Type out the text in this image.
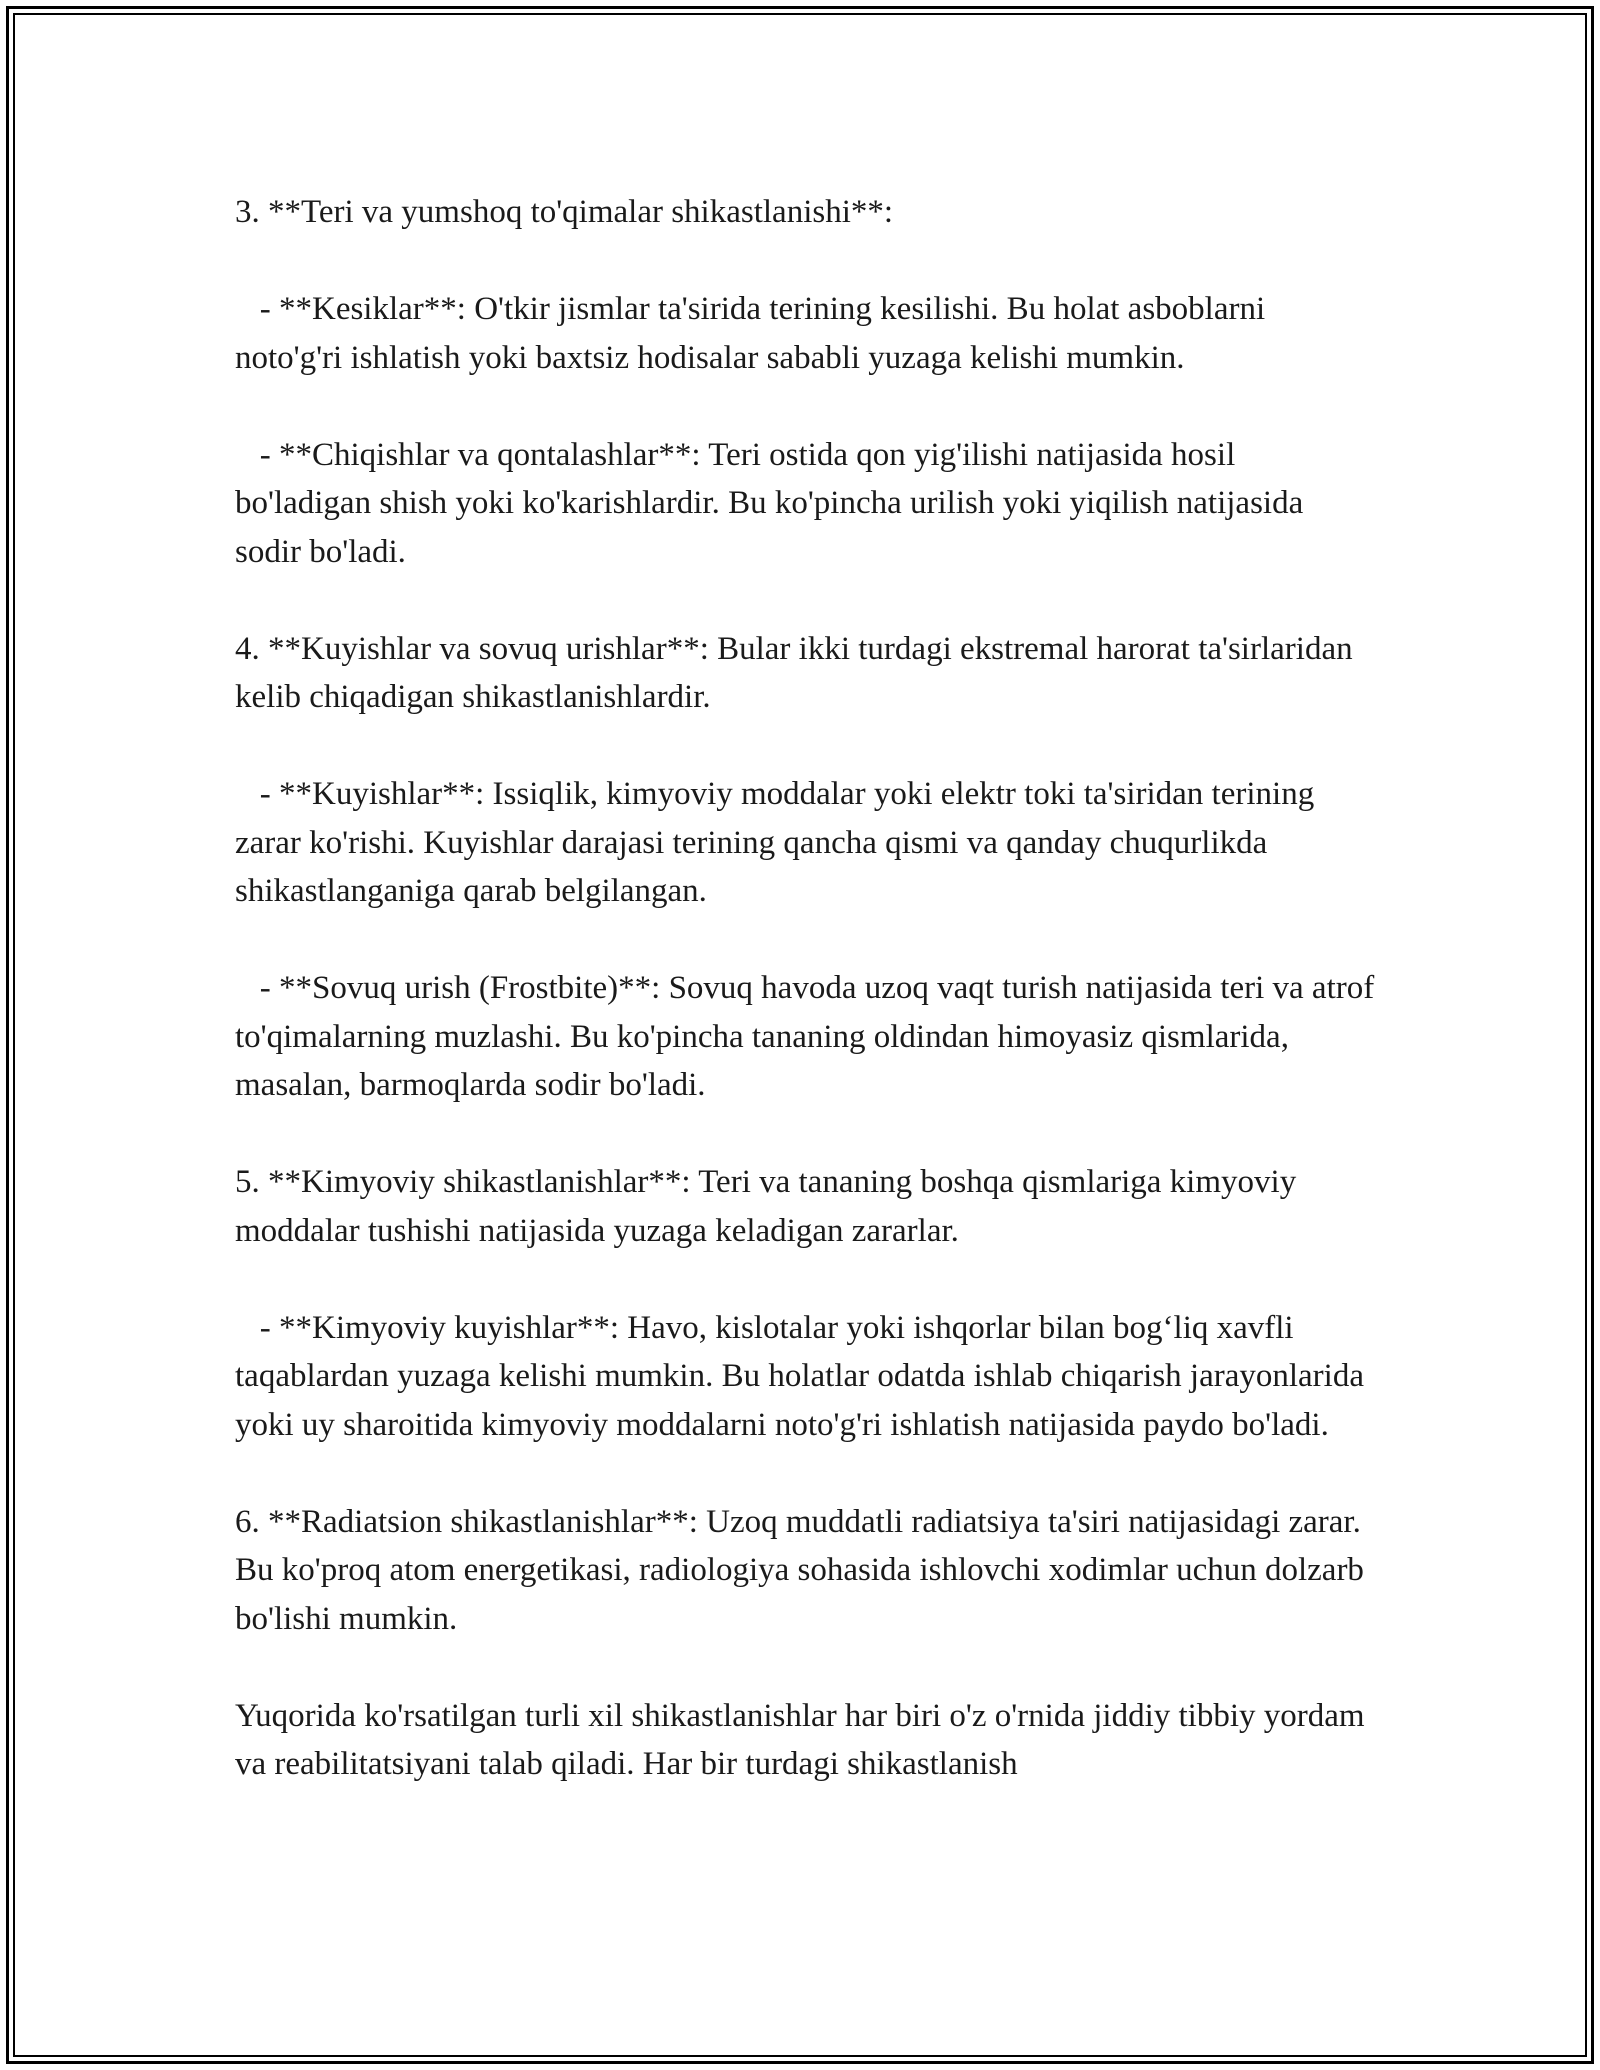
3. **Teri va yumshoq to'qimalar shikastlanishi**:

- **Kesiklar**: O'tkir jismlar ta'sirida terining kesilishi. Bu holat asboblarni noto'g'ri ishlatish yoki baxtsiz hodisalar sababli yuzaga kelishi mumkin.

- **Chiqishlar va qontalashlar**: Teri ostida qon yig'ilishi natijasida hosil bo'ladigan shish yoki ko'karishlardir. Bu ko'pincha urilish yoki yiqilish natijasida sodir bo'ladi.

4. **Kuyishlar va sovuq urishlar**: Bular ikki turdagi ekstremal harorat ta'sirlaridan kelib chiqadigan shikastlanishlardir.

- **Kuyishlar**: Issiqlik, kimyoviy moddalar yoki elektr toki ta'siridan terining zarar ko'rishi. Kuyishlar darajasi terining qancha qismi va qanday chuqurlikda shikastlanganiga qarab belgilangan.

- **Sovuq urish (Frostbite)**: Sovuq havoda uzoq vaqt turish natijasida teri va atrof to'qimalarning muzlashi. Bu ko'pincha tananing oldindan himoyasiz qismlarida, masalan, barmoqlarda sodir bo'ladi.

5. **Kimyoviy shikastlanishlar**: Teri va tananing boshqa qismlariga kimyoviy moddalar tushishi natijasida yuzaga keladigan zararlar.

- **Kimyoviy kuyishlar**: Havo, kislotalar yoki ishqorlar bilan bog‘liq xavfli taqablardan yuzaga kelishi mumkin. Bu holatlar odatda ishlab chiqarish jarayonlarida yoki uy sharoitida kimyoviy moddalarni noto'g'ri ishlatish natijasida paydo bo'ladi.

6. **Radiatsion shikastlanishlar**: Uzoq muddatli radiatsiya ta'siri natijasidagi zarar. Bu ko'proq atom energetikasi, radiologiya sohasida ishlovchi xodimlar uchun dolzarb bo'lishi mumkin.

Yuqorida ko'rsatilgan turli xil shikastlanishlar har biri o'z o'rnida jiddiy tibbiy yordam va reabilitatsiyani talab qiladi. Har bir turdagi shikastlanish
